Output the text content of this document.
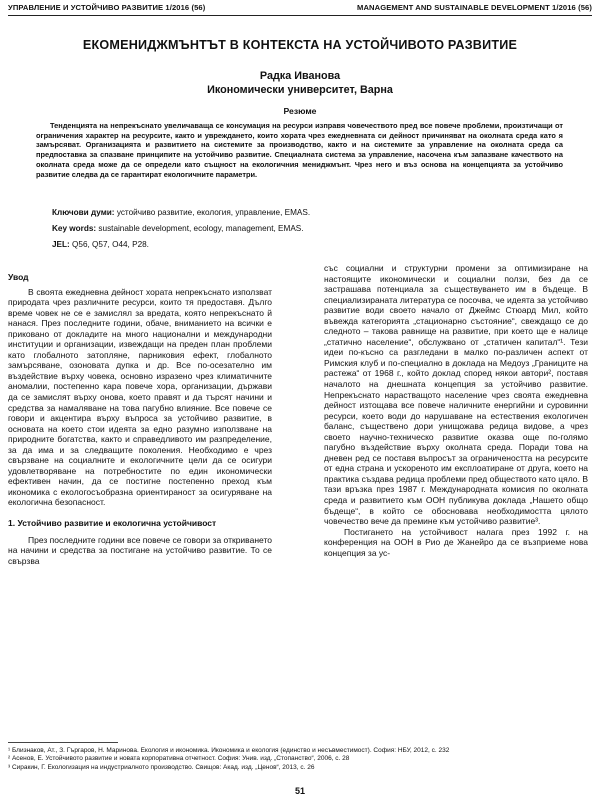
УПРАВЛЕНИЕ И УСТОЙЧИВО РАЗВИТИЕ 1/2016 (56)	MANAGEMENT AND SUSTAINABLE DEVELOPMENT 1/2016 (56)
ЕКОМЕНИДЖМЪНТЪТ В КОНТЕКСТА НА УСТОЙЧИВОТО РАЗВИТИЕ
Радка Иванова
Икономически университет, Варна
Резюме

Тенденцията на непрекъснато увеличаваща се консумация на ресурси изправя човечеството пред все повече проблеми, произтичащи от ограничения характер на ресурсите, както и увреждането, които хората чрез ежедневната си дейност причиняват на околната среда като я замърсяват. Организацията и развитието на системите за производство, както и на системите за управление на околната среда са предпоставка за спазване принципите на устойчиво развитие. Специалната система за управление, насочена към запазване качеството на околната среда може да се определи като същност на екологичния мениджмънт. Чрез него и въз основа на концепцията за устойчиво развитие следва да се гарантират екологичните параметри.

Ключови думи: устойчиво развитие, екология, управление, EMAS.
Key words: sustainable development, ecology, management, EMAS.
JEL: Q56, Q57, O44, P28.

Увод

В своята ежедневна дейност хората непрекъснато използват природата чрез различните ресурси, които тя предоставя. Дълго време човек не се е замислял за вредата, която непрекъснато й нанася. През последните години, обаче, вниманието на всички е приковано от докладите на много национални и международни институции и организации, извеждащи на преден план проблеми като глобалното затопляне, парниковия ефект, глобалното замърсяване, озоновата дупка и др. Все по-осезателно им въздействие върху човека, основно изразено чрез климатичните аномалии, постепенно кара повече хора, организации, държави да се замислят върху онова, което правят и да търсят начини и средства за намаляване на това пагубно влияние. Все повече се говори и акцентира върху въпроса за устойчиво развитие, в основата на което стои идеята за едно разумно използване на природните богатства, както и справедливото им разпределение, за да има и за следващите поколения. Необходимо е чрез свързване на социалните и екологичните цели да се осигури удовлетворяване на потребностите по един икономически ефективен начин, да се постигне постепенно преход към икономика с екологосъобразна ориентираност за осигуряване на екологична безопасност.

1. Устойчиво развитие и екологична устойчивост

През последните години все повече се говори за откриването на начини и средства за постигане на устойчиво развитие. То се свързва

със социални и структурни промени за оптимизиране на настоящите икономически и социални ползи, без да се застрашава потенциала за съществуването им в бъдеще. В специализираната литература се посочва, че идеята за устойчиво развитие води своето начало от Джеймс Стюард Мил, който въвежда категорията „стационарно състояние“, свеждащо се до следното – такова равнище на развитие, при което ще е налице „статично население“, обслужвано от „статичен капитал“¹. Тези идеи по-късно са разгледани в малко по-различен аспект от Римския клуб и по-специално в доклада на Медоуз „Границите на растежа“ от 1968 г., който доклад според някои автори², поставя началото на днешната концепция за устойчиво развитие. Непрекъснато нарастващото население чрез своята ежедневна дейност изтощава все повече наличните енергийни и суровинни ресурси, което води до нарушаване на естествения екологичен баланс, съществено дори унищожава редица видове, а чрез своето научно-техническо развитие оказва още по-голямо пагубно въздействие върху околната среда. Поради това на дневен ред се поставя въпросът за ограничеността на ресурсите от една страна и ускореното им експлоатиране от друга, което на практика създава редица проблеми пред обществото като цяло. В тази връзка през 1987 г. Международната комисия по околната среда и развитието към ООН публикува доклада „Нашето общо бъдеще“, в който се обосновава необходимостта цялото човечество вече да премине към устойчиво развитие³.

Постигането на устойчивост налага през 1992 г. на конференция на ООН в Рио де Жанейро да се възприеме нова концепция за ус-

¹ Близнаков, Ат., З. Гъргаров, Н. Маринова. Екология и икономика. Икономика и екология (единство и несъвместимост). София: НБУ, 2012, с. 232
² Асенов, Е. Устойчивото развитие и новата корпоративна отчетност. София: Унив. изд. „Стопанство“, 2006, с. 28
³ Сиракин, Г. Екологизация на индустриалното производство. Свищов: Акад. изд. „Ценов“, 2013, с. 26
51
